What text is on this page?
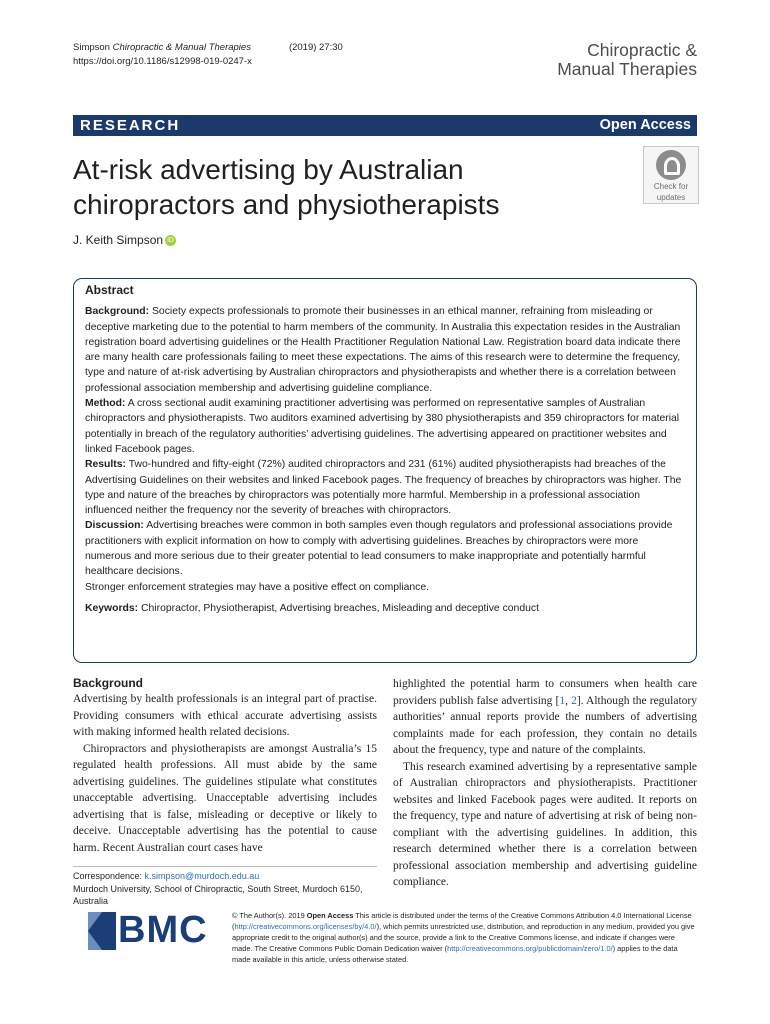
Simpson Chiropractic & Manual Therapies	(2019) 27:30
https://doi.org/10.1186/s12998-019-0247-x
Chiropractic &
Manual Therapies
RESEARCH	Open Access
At-risk advertising by Australian chiropractors and physiotherapists
Check for
updates
J. Keith Simpson iD
Abstract

Background: Society expects professionals to promote their businesses in an ethical manner, refraining from misleading or deceptive marketing due to the potential to harm members of the community. In Australia this expectation resides in the Australian registration board advertising guidelines or the Health Practitioner Regulation National Law. Registration board data indicate there are many health care professionals failing to meet these expectations. The aims of this research were to determine the frequency, type and nature of at-risk advertising by Australian chiropractors and physiotherapists and whether there is a correlation between professional association membership and advertising guideline compliance.

Method: A cross sectional audit examining practitioner advertising was performed on representative samples of Australian chiropractors and physiotherapists. Two auditors examined advertising by 380 physiotherapists and 359 chiropractors for material potentially in breach of the regulatory authorities’ advertising guidelines. The advertising appeared on practitioner websites and linked Facebook pages.

Results: Two-hundred and fifty-eight (72%) audited chiropractors and 231 (61%) audited physiotherapists had breaches of the Advertising Guidelines on their websites and linked Facebook pages. The frequency of breaches by chiropractors was higher. The type and nature of the breaches by chiropractors was potentially more harmful. Membership in a professional association influenced neither the frequency nor the severity of breaches with chiropractors.

Discussion: Advertising breaches were common in both samples even though regulators and professional associations provide practitioners with explicit information on how to comply with advertising guidelines. Breaches by chiropractors were more numerous and more serious due to their greater potential to lead consumers to make inappropriate and potentially harmful healthcare decisions.

Stronger enforcement strategies may have a positive effect on compliance.

Keywords: Chiropractor, Physiotherapist, Advertising breaches, Misleading and deceptive conduct

Background

Advertising by health professionals is an integral part of practise. Providing consumers with ethical accurate advertising assists with making informed health related decisions.

Chiropractors and physiotherapists are amongst Australia’s 15 regulated health professions. All must abide by the same advertising guidelines. The guidelines stipulate what constitutes unacceptable advertising. Unacceptable advertising includes advertising that is false, misleading or deceptive or likely to deceive. Unacceptable advertising has the potential to cause harm. Recent Australian court cases have

highlighted the potential harm to consumers when health care providers publish false advertising [1, 2]. Although the regulatory authorities’ annual reports provide the numbers of advertising complaints made for each profession, they contain no details about the frequency, type and nature of the complaints.

This research examined advertising by a representative sample of Australian chiropractors and physiotherapists. Practitioner websites and linked Facebook pages were audited. It reports on the frequency, type and nature of advertising at risk of being non-compliant with the advertising guidelines. In addition, this research determined whether there is a correlation between professional association membership and advertising guideline compliance.

Correspondence: k.simpson@murdoch.edu.au
Murdoch University, School of Chiropractic, South Street, Murdoch 6150, Australia
BMC	© The Author(s). 2019 Open Access This article is distributed under the terms of the Creative Commons Attribution 4.0 International License (http://creativecommons.org/licenses/by/4.0/), which permits unrestricted use, distribution, and reproduction in any medium, provided you give appropriate credit to the original author(s) and the source, provide a link to the Creative Commons license, and indicate if changes were made. The Creative Commons Public Domain Dedication waiver (http://creativecommons.org/publicdomain/zero/1.0/) applies to the data made available in this article, unless otherwise stated.
